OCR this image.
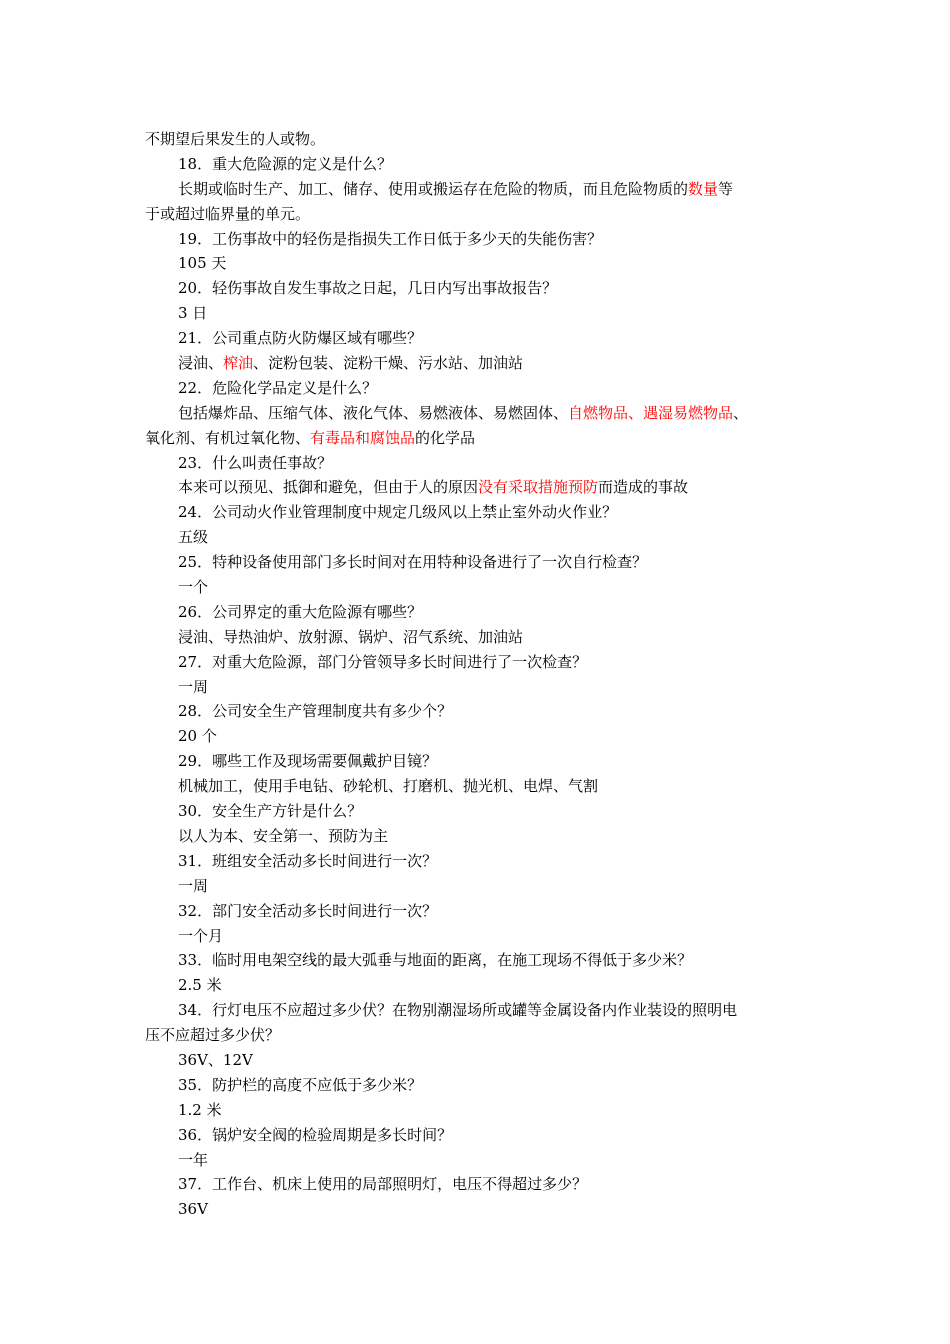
不期望后果发生的人或物。
18．重大危险源的定义是什么？
长期或临时生产、加工、储存、使用或搬运存在危险的物质，而且危险物质的数量等
于或超过临界量的单元。
19．工伤事故中的轻伤是指损失工作日低于多少天的失能伤害？
105 天
20．轻伤事故自发生事故之日起，几日内写出事故报告？
3 日
21．公司重点防火防爆区域有哪些？
浸油、榨油、淀粉包装、淀粉干燥、污水站、加油站
22．危险化学品定义是什么？
包括爆炸品、压缩气体、液化气体、易燃液体、易燃固体、自燃物品、遇湿易燃物品、
氧化剂、有机过氧化物、有毒品和腐蚀品的化学品
23．什么叫责任事故？
本来可以预见、抵御和避免，但由于人的原因没有采取措施预防而造成的事故
24．公司动火作业管理制度中规定几级风以上禁止室外动火作业？
五级
25．特种设备使用部门多长时间对在用特种设备进行了一次自行检查？
一个
26．公司界定的重大危险源有哪些？
浸油、导热油炉、放射源、锅炉、沼气系统、加油站
27．对重大危险源，部门分管领导多长时间进行了一次检查？
一周
28．公司安全生产管理制度共有多少个？
20 个
29．哪些工作及现场需要佩戴护目镜？
机械加工，使用手电钻、砂轮机、打磨机、抛光机、电焊、气割
30．安全生产方针是什么？
以人为本、安全第一、预防为主
31．班组安全活动多长时间进行一次？
一周
32．部门安全活动多长时间进行一次？
一个月
33．临时用电架空线的最大弧垂与地面的距离，在施工现场不得低于多少米？
2.5 米
34．行灯电压不应超过多少伏？在物别潮湿场所或罐等金属设备内作业装设的照明电
压不应超过多少伏？
36V、12V
35．防护栏的高度不应低于多少米？
1.2 米
36．锅炉安全阀的检验周期是多长时间？
一年
37．工作台、机床上使用的局部照明灯，电压不得超过多少？
36V
